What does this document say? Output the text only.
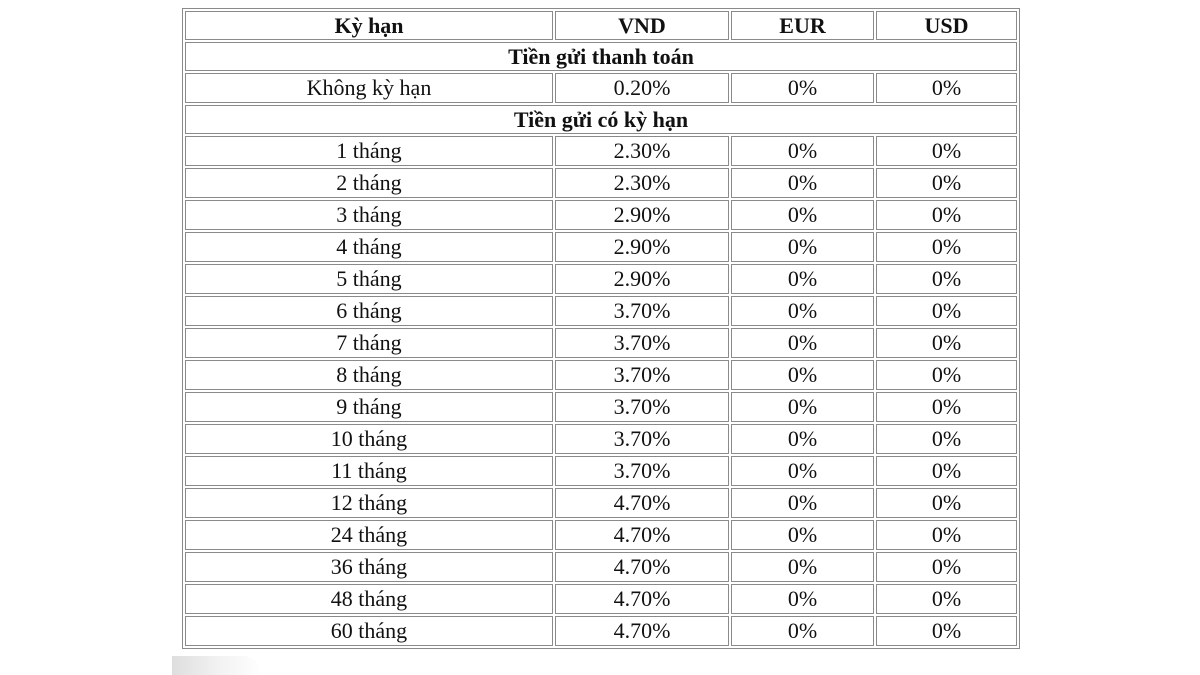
Kỳ hạn	VND	EUR	USD
Tiền gửi thanh toán			
Không kỳ hạn	0.20%	0%	0%
Tiền gửi có kỳ hạn			
1 tháng	2.30%	0%	0%
2 tháng	2.30%	0%	0%
3 tháng	2.90%	0%	0%
4 tháng	2.90%	0%	0%
5 tháng	2.90%	0%	0%
6 tháng	3.70%	0%	0%
7 tháng	3.70%	0%	0%
8 tháng	3.70%	0%	0%
9 tháng	3.70%	0%	0%
10 tháng	3.70%	0%	0%
11 tháng	3.70%	0%	0%
12 tháng	4.70%	0%	0%
24 tháng	4.70%	0%	0%
36 tháng	4.70%	0%	0%
48 tháng	4.70%	0%	0%
60 tháng	4.70%	0%	0%
